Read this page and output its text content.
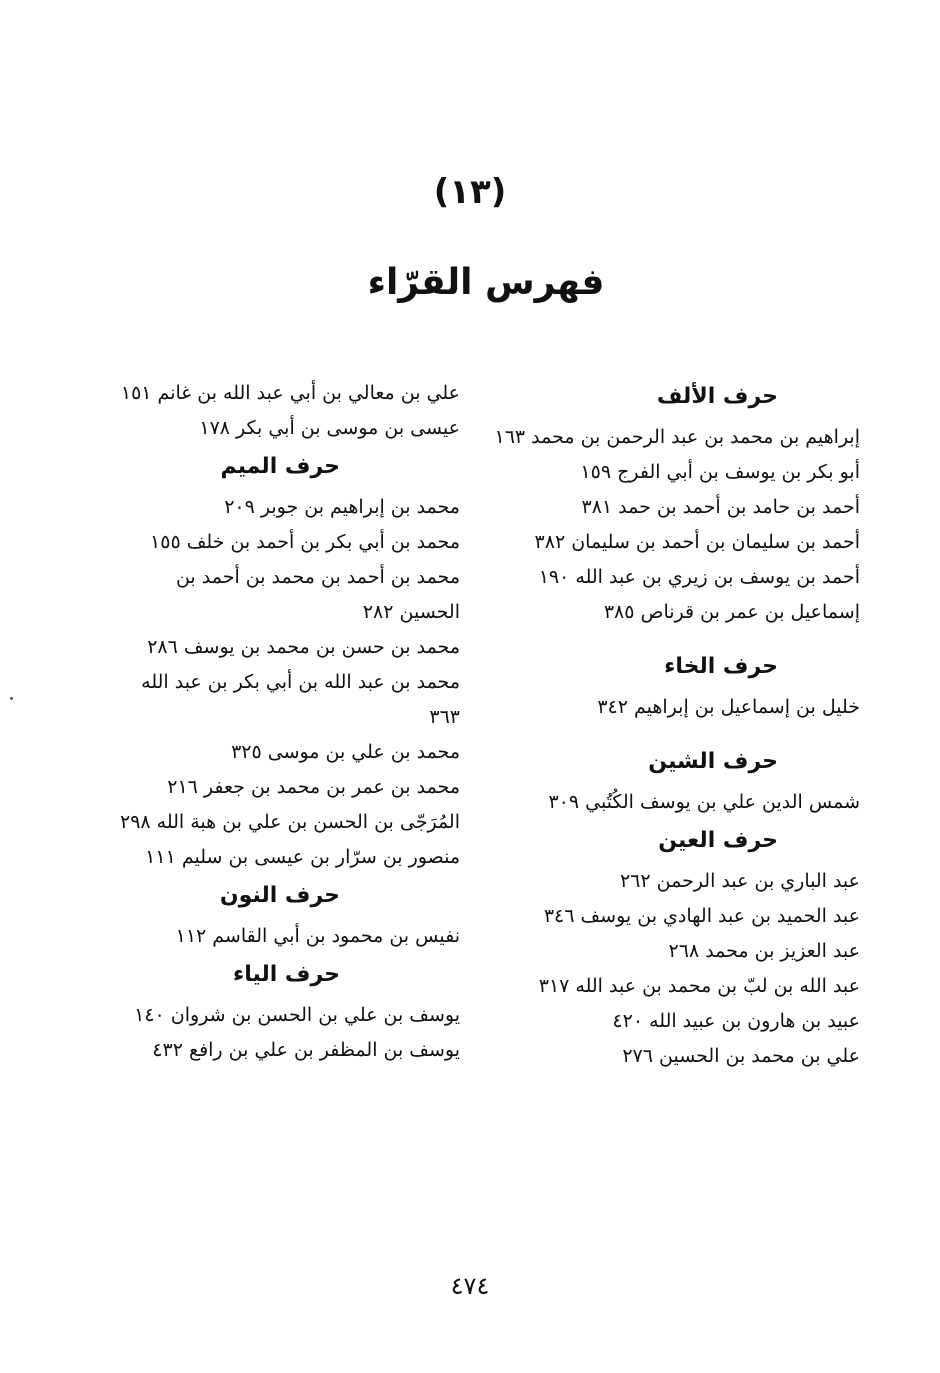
(١٣)
فهرس القرّاء
حرف الألف
إبراهيم بن محمد بن عبد الرحمن بن محمد ١٦٣
أبو بكر بن يوسف بن أبي الفرج ١٥٩
أحمد بن حامد بن أحمد بن حمد ٣٨١
أحمد بن سليمان بن أحمد بن سليمان ٣٨٢
أحمد بن يوسف بن زيري بن عبد الله ١٩٠
إسماعيل بن عمر بن قرناص ٣٨٥
حرف الخاء
خليل بن إسماعيل بن إبراهيم ٣٤٢
حرف الشين
شمس الدين علي بن يوسف الكُتُبي ٣٠٩
حرف العين
عبد الباري بن عبد الرحمن ٢٦٢
عبد الحميد بن عبد الهادي بن يوسف ٣٤٦
عبد العزيز بن محمد ٢٦٨
عبد الله بن لبّ بن محمد بن عبد الله ٣١٧
عبيد بن هارون بن عبيد الله ٤٢٠
علي بن محمد بن الحسين ٢٧٦
علي بن معالي بن أبي عبد الله بن غانم ١٥١
عيسى بن موسى بن أبي بكر ١٧٨
حرف الميم
محمد بن إبراهيم بن جوبر ٢٠٩
محمد بن أبي بكر بن أحمد بن خلف ١٥٥
محمد بن أحمد بن محمد بن أحمد بن الحسين ٢٨٢
محمد بن حسن بن محمد بن يوسف ٢٨٦
محمد بن عبد الله بن أبي بكر بن عبد الله ٣٦٣
محمد بن علي بن موسى ٣٢٥
محمد بن عمر بن محمد بن جعفر ٢١٦
المُرَجّى بن الحسن بن علي بن هبة الله ٢٩٨
منصور بن سرّار بن عيسى بن سليم ١١١
حرف النون
نفيس بن محمود بن أبي القاسم ١١٢
حرف الياء
يوسف بن علي بن الحسن بن شروان ١٤٠
يوسف بن المظفر بن علي بن رافع ٤٣٢
٤٧٤
